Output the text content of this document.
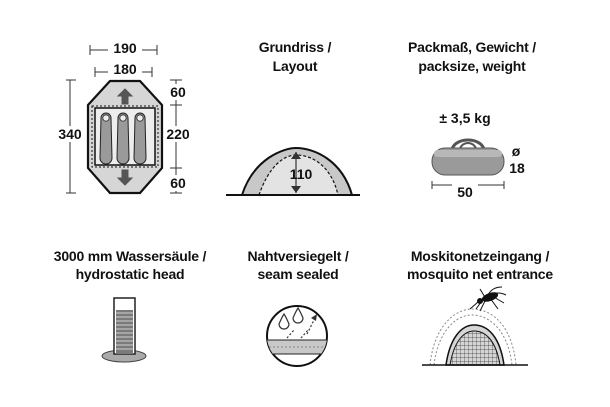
190
180
340
60
220
60
Grundriss /
Layout
110
Packmaß, Gewicht /
packsize, weight
± 3,5 kg
ø
18
50
3000 mm Wassersäule /
hydrostatic head
Nahtversiegelt /
seam sealed
Moskitonetzeingang /
mosquito net entrance
